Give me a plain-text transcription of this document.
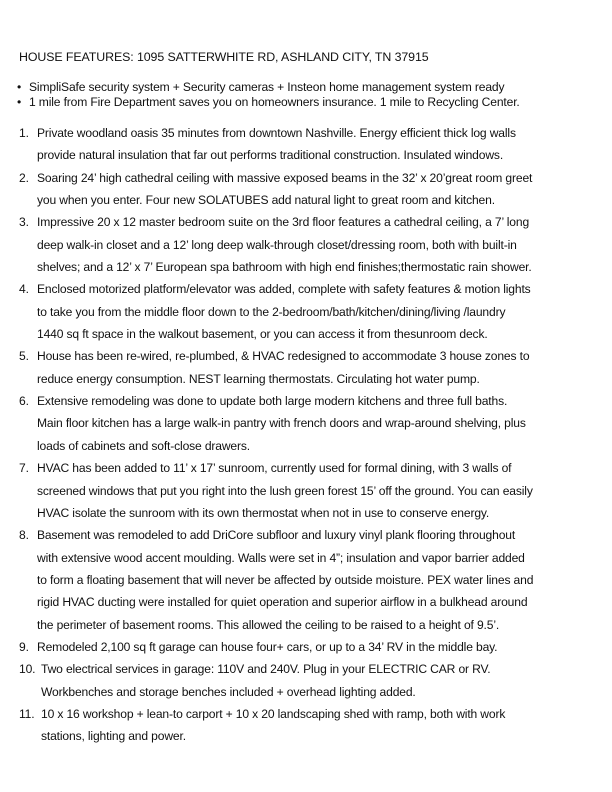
HOUSE FEATURES: 1095 SATTERWHITE RD, ASHLAND CITY, TN 37915
• SimpliSafe security system + Security cameras + Insteon home management system ready
• 1 mile from Fire Department saves you on homeowners insurance. 1 mile to Recycling Center.
1. Private woodland oasis 35 minutes from downtown Nashville. Energy efficient thick log walls
provide natural insulation that far out performs traditional construction. Insulated windows.
2. Soaring 24’ high cathedral ceiling with massive exposed beams in the 32’ x 20’great room greet
you when you enter. Four new SOLATUBES add natural light to great room and kitchen.
3. Impressive 20 x 12 master bedroom suite on the 3rd floor features a cathedral ceiling, a 7’ long
deep walk-in closet and a 12’ long deep walk-through closet/dressing room, both with built-in
shelves; and a 12’ x 7’ European spa bathroom with high end finishes;thermostatic rain shower.
4. Enclosed motorized platform/elevator was added, complete with safety features & motion lights
to take you from the middle floor down to the 2-bedroom/bath/kitchen/dining/living /laundry
1440 sq ft space in the walkout basement, or you can access it from thesunroom deck.
5. House has been re-wired, re-plumbed, & HVAC redesigned to accommodate 3 house zones to
reduce energy consumption. NEST learning thermostats. Circulating hot water pump.
6. Extensive remodeling was done to update both large modern kitchens and three full baths.
Main floor kitchen has a large walk-in pantry with french doors and wrap-around shelving, plus
loads of cabinets and soft-close drawers.
7. HVAC has been added to 11’ x 17’ sunroom, currently used for formal dining, with 3 walls of
screened windows that put you right into the lush green forest 15’ off the ground. You can easily
HVAC isolate the sunroom with its own thermostat when not in use to conserve energy.
8. Basement was remodeled to add DriCore subfloor and luxury vinyl plank flooring throughout
with extensive wood accent moulding. Walls were set in 4”; insulation and vapor barrier added
to form a floating basement that will never be affected by outside moisture. PEX water lines and
rigid HVAC ducting were installed for quiet operation and superior airflow in a bulkhead around
the perimeter of basement rooms. This allowed the ceiling to be raised to a height of 9.5’.
9. Remodeled 2,100 sq ft garage can house four+ cars, or up to a 34’ RV in the middle bay.
10. Two electrical services in garage: 110V and 240V. Plug in your ELECTRIC CAR or RV.
Workbenches and storage benches included + overhead lighting added.
11. 10 x 16 workshop + lean-to carport + 10 x 20 landscaping shed with ramp, both with work
stations, lighting and power.
